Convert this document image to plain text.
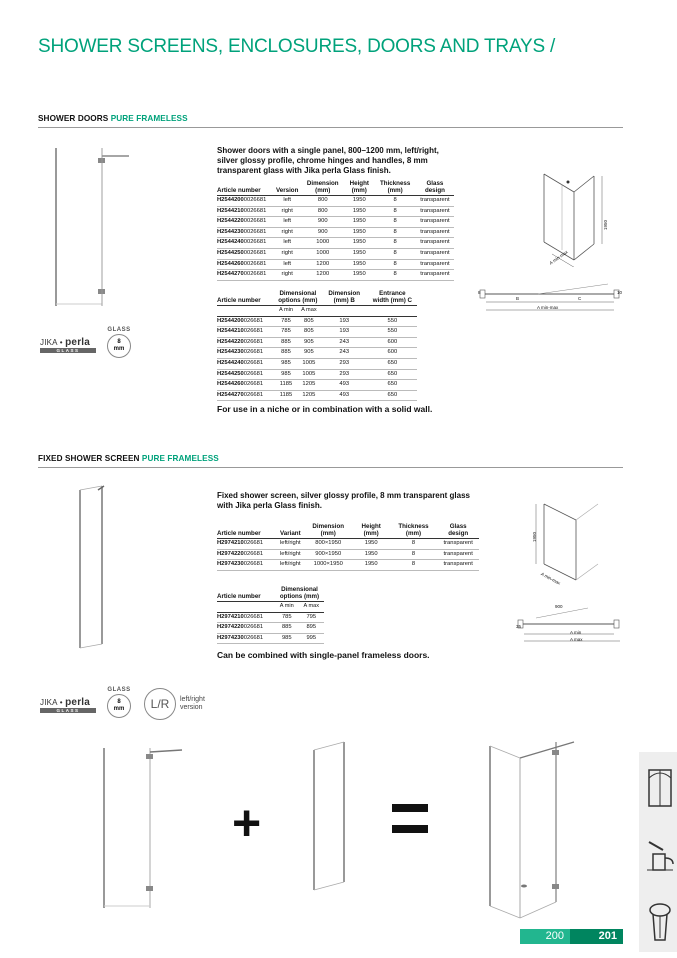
SHOWER SCREENS, ENCLOSURES, DOORS AND TRAYS /
SHOWER DOORS PURE FRAMELESS
JIKA • perla
GLASS
GLASS
8
mm
Shower doors with a single panel, 800–1200 mm, left/right, silver glossy profile, chrome hinges and handles, 8 mm transparent glass with Jika perla Glass finish.
Article number	Version	Dimension (mm)	Height (mm)	Thickness (mm)	Glass design
H25442000026681	left	800	1950	8	transparent
H25442100026681	right	800	1950	8	transparent
H25442200026681	left	900	1950	8	transparent
H25442300026681	right	900	1950	8	transparent
H25442400026681	left	1000	1950	8	transparent
H25442500026681	right	1000	1950	8	transparent
H25442600026681	left	1200	1950	8	transparent
H25442700026681	right	1200	1950	8	transparent
Article number	Dimensional options (mm)		Dimension (mm) B	Entrance width (mm) C
	A min	A max		
H2544200026681	785	805	193	550
H2544210026681	785	805	193	550
H2544220026681	885	905	243	600
H2544230026681	885	905	243	600
H2544240026681	985	1005	293	650
H2544250026681	985	1005	293	650
H2544260026681	1185	1205	493	650
H2544270026681	1185	1205	493	650
For use in a niche or in combination with a solid wall.
1950
A min-max
8	10
B	C
A min-max
FIXED SHOWER SCREEN PURE FRAMELESS
Fixed shower screen, silver glossy profile, 8 mm transparent glass with Jika perla Glass finish.
Article number	Variant	Dimension (mm)	Height (mm)	Thickness (mm)	Glass design
H2974210026681	left/right	800×1950	1950	8	transparent
H2974220026681	left/right	900×1950	1950	8	transparent
H2974230026681	left/right	1000×1950	1950	8	transparent
Article number	Dimensional options (mm)	
	A min	A max
H2974210026681	785	795
H2974220026681	885	895
H2974230026681	985	995
Can be combined with single-panel frameless doors.
1950
A min-max
900
35
A min
A max
JIKA • perla
GLASS
GLASS
8
mm	L/R	left/right
version
+
200	201
